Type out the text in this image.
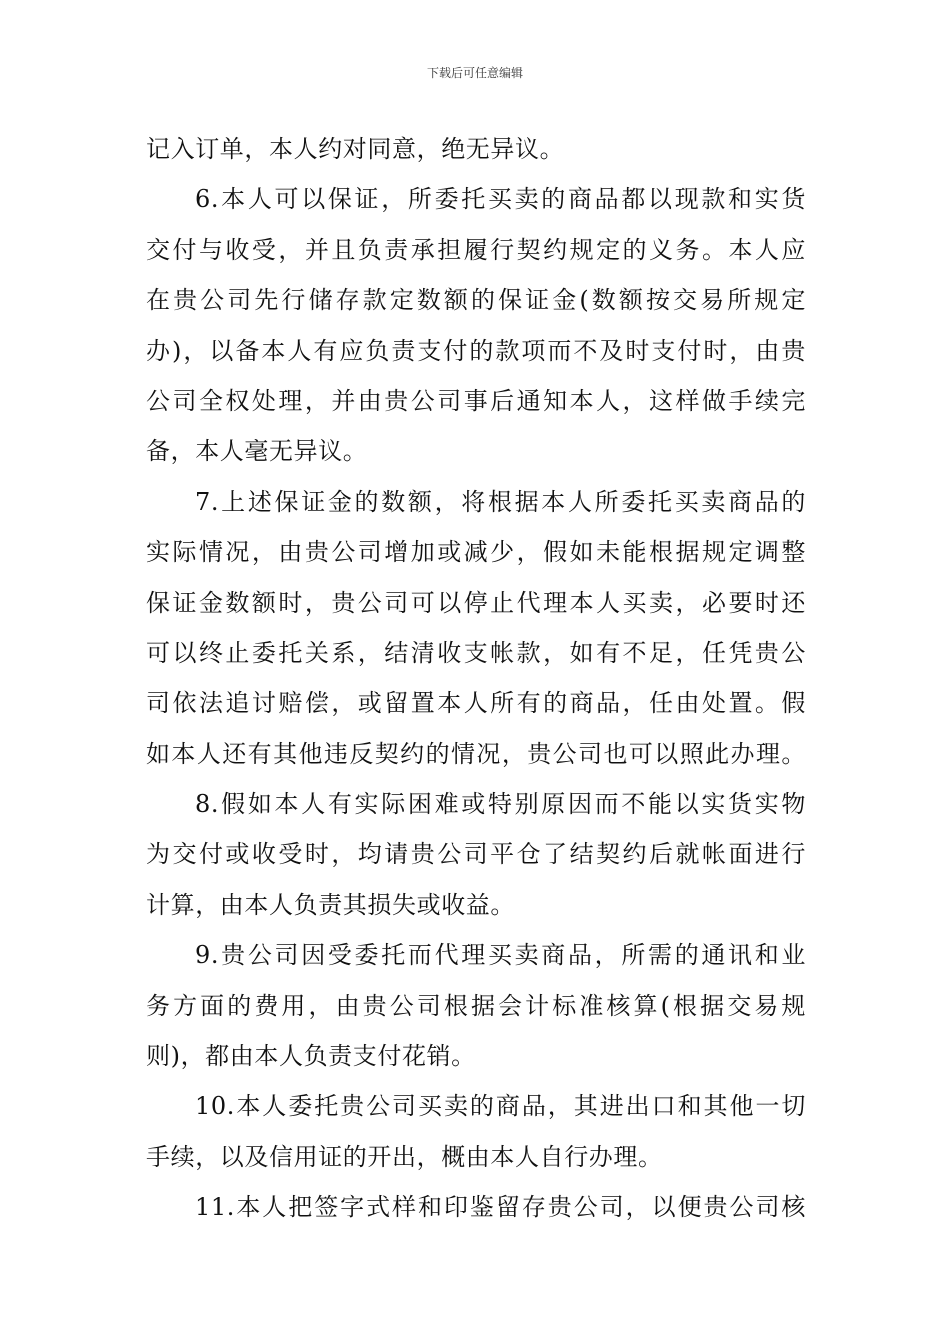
下载后可任意编辑
记入订单，本人约对同意，绝无异议。
6.本人可以保证，所委托买卖的商品都以现款和实货
交付与收受，并且负责承担履行契约规定的义务。本人应
在贵公司先行储存款定数额的保证金(数额按交易所规定
办)，以备本人有应负责支付的款项而不及时支付时，由贵
公司全权处理，并由贵公司事后通知本人，这样做手续完
备，本人毫无异议。
7.上述保证金的数额，将根据本人所委托买卖商品的
实际情况，由贵公司增加或减少，假如未能根据规定调整
保证金数额时，贵公司可以停止代理本人买卖，必要时还
可以终止委托关系，结清收支帐款，如有不足，任凭贵公
司依法追讨赔偿，或留置本人所有的商品，任由处置。假
如本人还有其他违反契约的情况，贵公司也可以照此办理。
8.假如本人有实际困难或特别原因而不能以实货实物
为交付或收受时，均请贵公司平仓了结契约后就帐面进行
计算，由本人负责其损失或收益。
9.贵公司因受委托而代理买卖商品，所需的通讯和业
务方面的费用，由贵公司根据会计标准核算(根据交易规
则)，都由本人负责支付花销。
10.本人委托贵公司买卖的商品，其进出口和其他一切
手续，以及信用证的开出，概由本人自行办理。
11.本人把签字式样和印鉴留存贵公司，以便贵公司核
